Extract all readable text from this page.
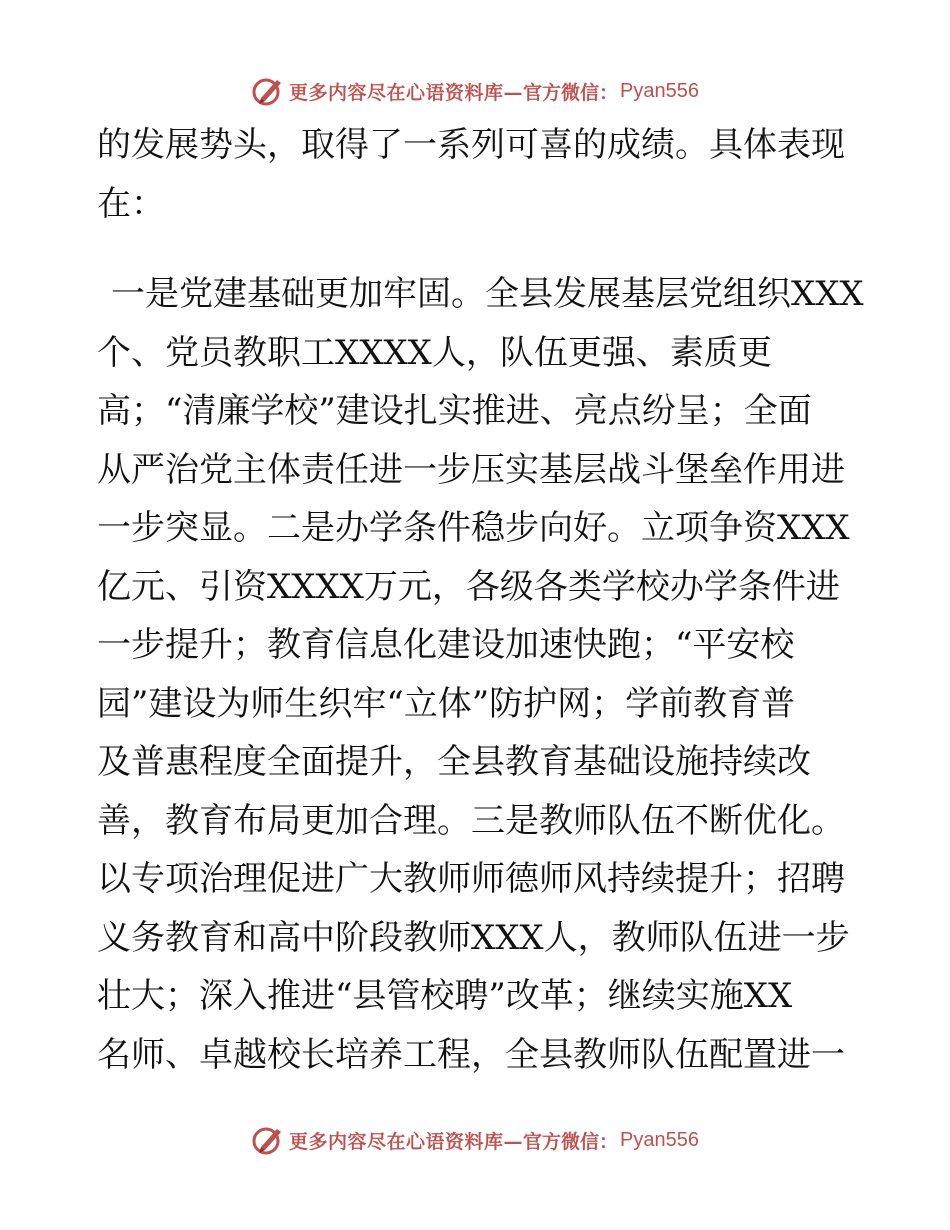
更多内容尽在心语资料库— 官方微信： Pyan556

的发展势头，取得了一系列可喜的成绩。具体表现
在：

一是党建基础更加牢固。全县发展基层党组织XXX
个、党员教职工XXXX人，队伍更强、素质更
高；“清廉学校”建设扎实推进、亮点纷呈；全面
从严治党主体责任进一步压实基层战斗堡垒作用进
一步突显。二是办学条件稳步向好。立项争资XXX
亿元、引资XXXX万元，各级各类学校办学条件进
一步提升；教育信息化建设加速快跑；“平安校
园”建设为师生织牢“立体”防护网；学前教育普
及普惠程度全面提升，全县教育基础设施持续改
善，教育布局更加合理。三是教师队伍不断优化。
以专项治理促进广大教师师德师风持续提升；招聘
义务教育和高中阶段教师XXX人，教师队伍进一步
壮大；深入推进“县管校聘”改革；继续实施XX
名师、卓越校长培养工程，全县教师队伍配置进一

更多内容尽在心语资料库— 官方微信： Pyan556
